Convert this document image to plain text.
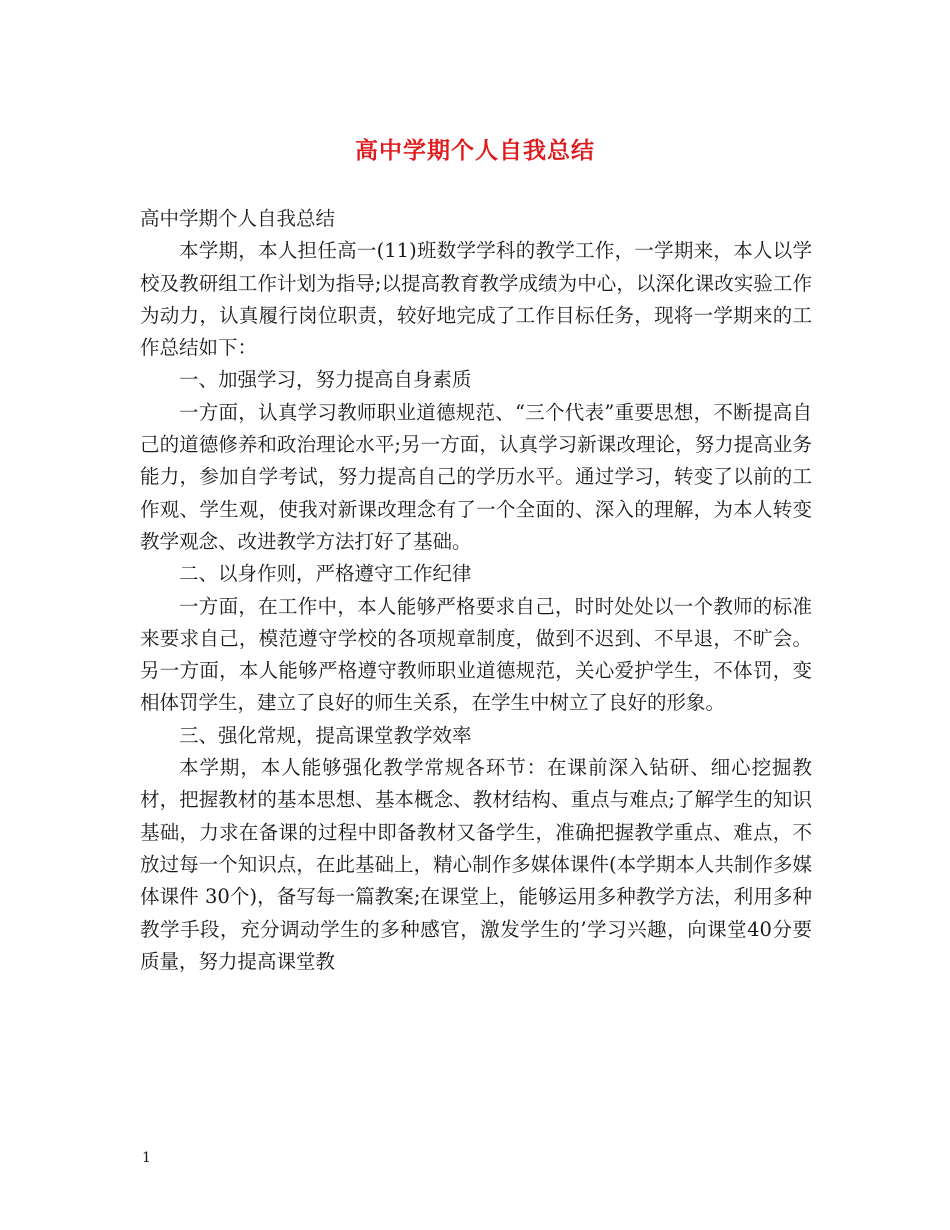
高中学期个人自我总结

高中学期个人自我总结

本学期，本人担任高一(11)班数学学科的教学工作，一学期来，本人以学校及教研组工作计划为指导;以提高教育教学成绩为中心，以深化课改实验工作为动力，认真履行岗位职责，较好地完成了工作目标任务，现将一学期来的工作总结如下：

一、加强学习，努力提高自身素质

一方面，认真学习教师职业道德规范、“三个代表”重要思想，不断提高自己的道德修养和政治理论水平;另一方面，认真学习新课改理论，努力提高业务能力，参加自学考试，努力提高自己的学历水平。通过学习，转变了以前的工作观、学生观，使我对新课改理念有了一个全面的、深入的理解，为本人转变教学观念、改进教学方法打好了基础。

二、以身作则，严格遵守工作纪律

一方面，在工作中，本人能够严格要求自己，时时处处以一个教师的标准来要求自己，模范遵守学校的各项规章制度，做到不迟到、不早退，不旷会。另一方面，本人能够严格遵守教师职业道德规范，关心爱护学生，不体罚，变相体罚学生，建立了良好的师生关系，在学生中树立了良好的形象。

三、强化常规，提高课堂教学效率

本学期，本人能够强化教学常规各环节：在课前深入钻研、细心挖掘教材，把握教材的基本思想、基本概念、教材结构、重点与难点;了解学生的知识基础，力求在备课的过程中即备教材又备学生，准确把握教学重点、难点，不放过每一个知识点，在此基础上，精心制作多媒体课件(本学期本人共制作多媒体课件 30个)，备写每一篇教案;在课堂上，能够运用多种教学方法，利用多种教学手段，充分调动学生的多种感官，激发学生的’学习兴趣，向课堂40分要质量，努力提高课堂教

1
